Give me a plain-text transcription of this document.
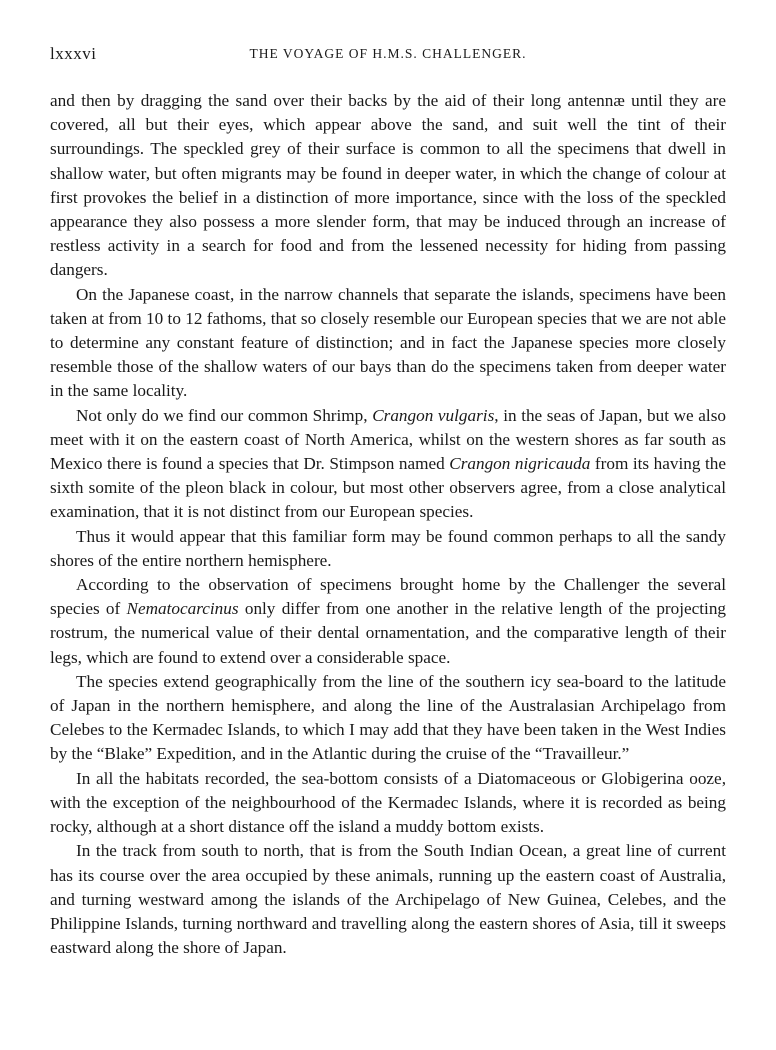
lxxxvi	THE VOYAGE OF H.M.S. CHALLENGER.

and then by dragging the sand over their backs by the aid of their long antennæ until they are covered, all but their eyes, which appear above the sand, and suit well the tint of their surroundings. The speckled grey of their surface is common to all the specimens that dwell in shallow water, but often migrants may be found in deeper water, in which the change of colour at first provokes the belief in a distinction of more importance, since with the loss of the speckled appearance they also possess a more slender form, that may be induced through an increase of restless activity in a search for food and from the lessened necessity for hiding from passing dangers.

On the Japanese coast, in the narrow channels that separate the islands, specimens have been taken at from 10 to 12 fathoms, that so closely resemble our European species that we are not able to determine any constant feature of distinction; and in fact the Japanese species more closely resemble those of the shallow waters of our bays than do the specimens taken from deeper water in the same locality.

Not only do we find our common Shrimp, Crangon vulgaris, in the seas of Japan, but we also meet with it on the eastern coast of North America, whilst on the western shores as far south as Mexico there is found a species that Dr. Stimpson named Crangon nigricauda from its having the sixth somite of the pleon black in colour, but most other observers agree, from a close analytical examination, that it is not distinct from our European species.

Thus it would appear that this familiar form may be found common perhaps to all the sandy shores of the entire northern hemisphere.

According to the observation of specimens brought home by the Challenger the several species of Nematocarcinus only differ from one another in the relative length of the projecting rostrum, the numerical value of their dental ornamentation, and the comparative length of their legs, which are found to extend over a considerable space.

The species extend geographically from the line of the southern icy sea-board to the latitude of Japan in the northern hemisphere, and along the line of the Australasian Archipelago from Celebes to the Kermadec Islands, to which I may add that they have been taken in the West Indies by the “Blake” Expedition, and in the Atlantic during the cruise of the “Travailleur.”

In all the habitats recorded, the sea-bottom consists of a Diatomaceous or Globigerina ooze, with the exception of the neighbourhood of the Kermadec Islands, where it is recorded as being rocky, although at a short distance off the island a muddy bottom exists.

In the track from south to north, that is from the South Indian Ocean, a great line of current has its course over the area occupied by these animals, running up the eastern coast of Australia, and turning westward among the islands of the Archipelago of New Guinea, Celebes, and the Philippine Islands, turning northward and travelling along the eastern shores of Asia, till it sweeps eastward along the shore of Japan.
